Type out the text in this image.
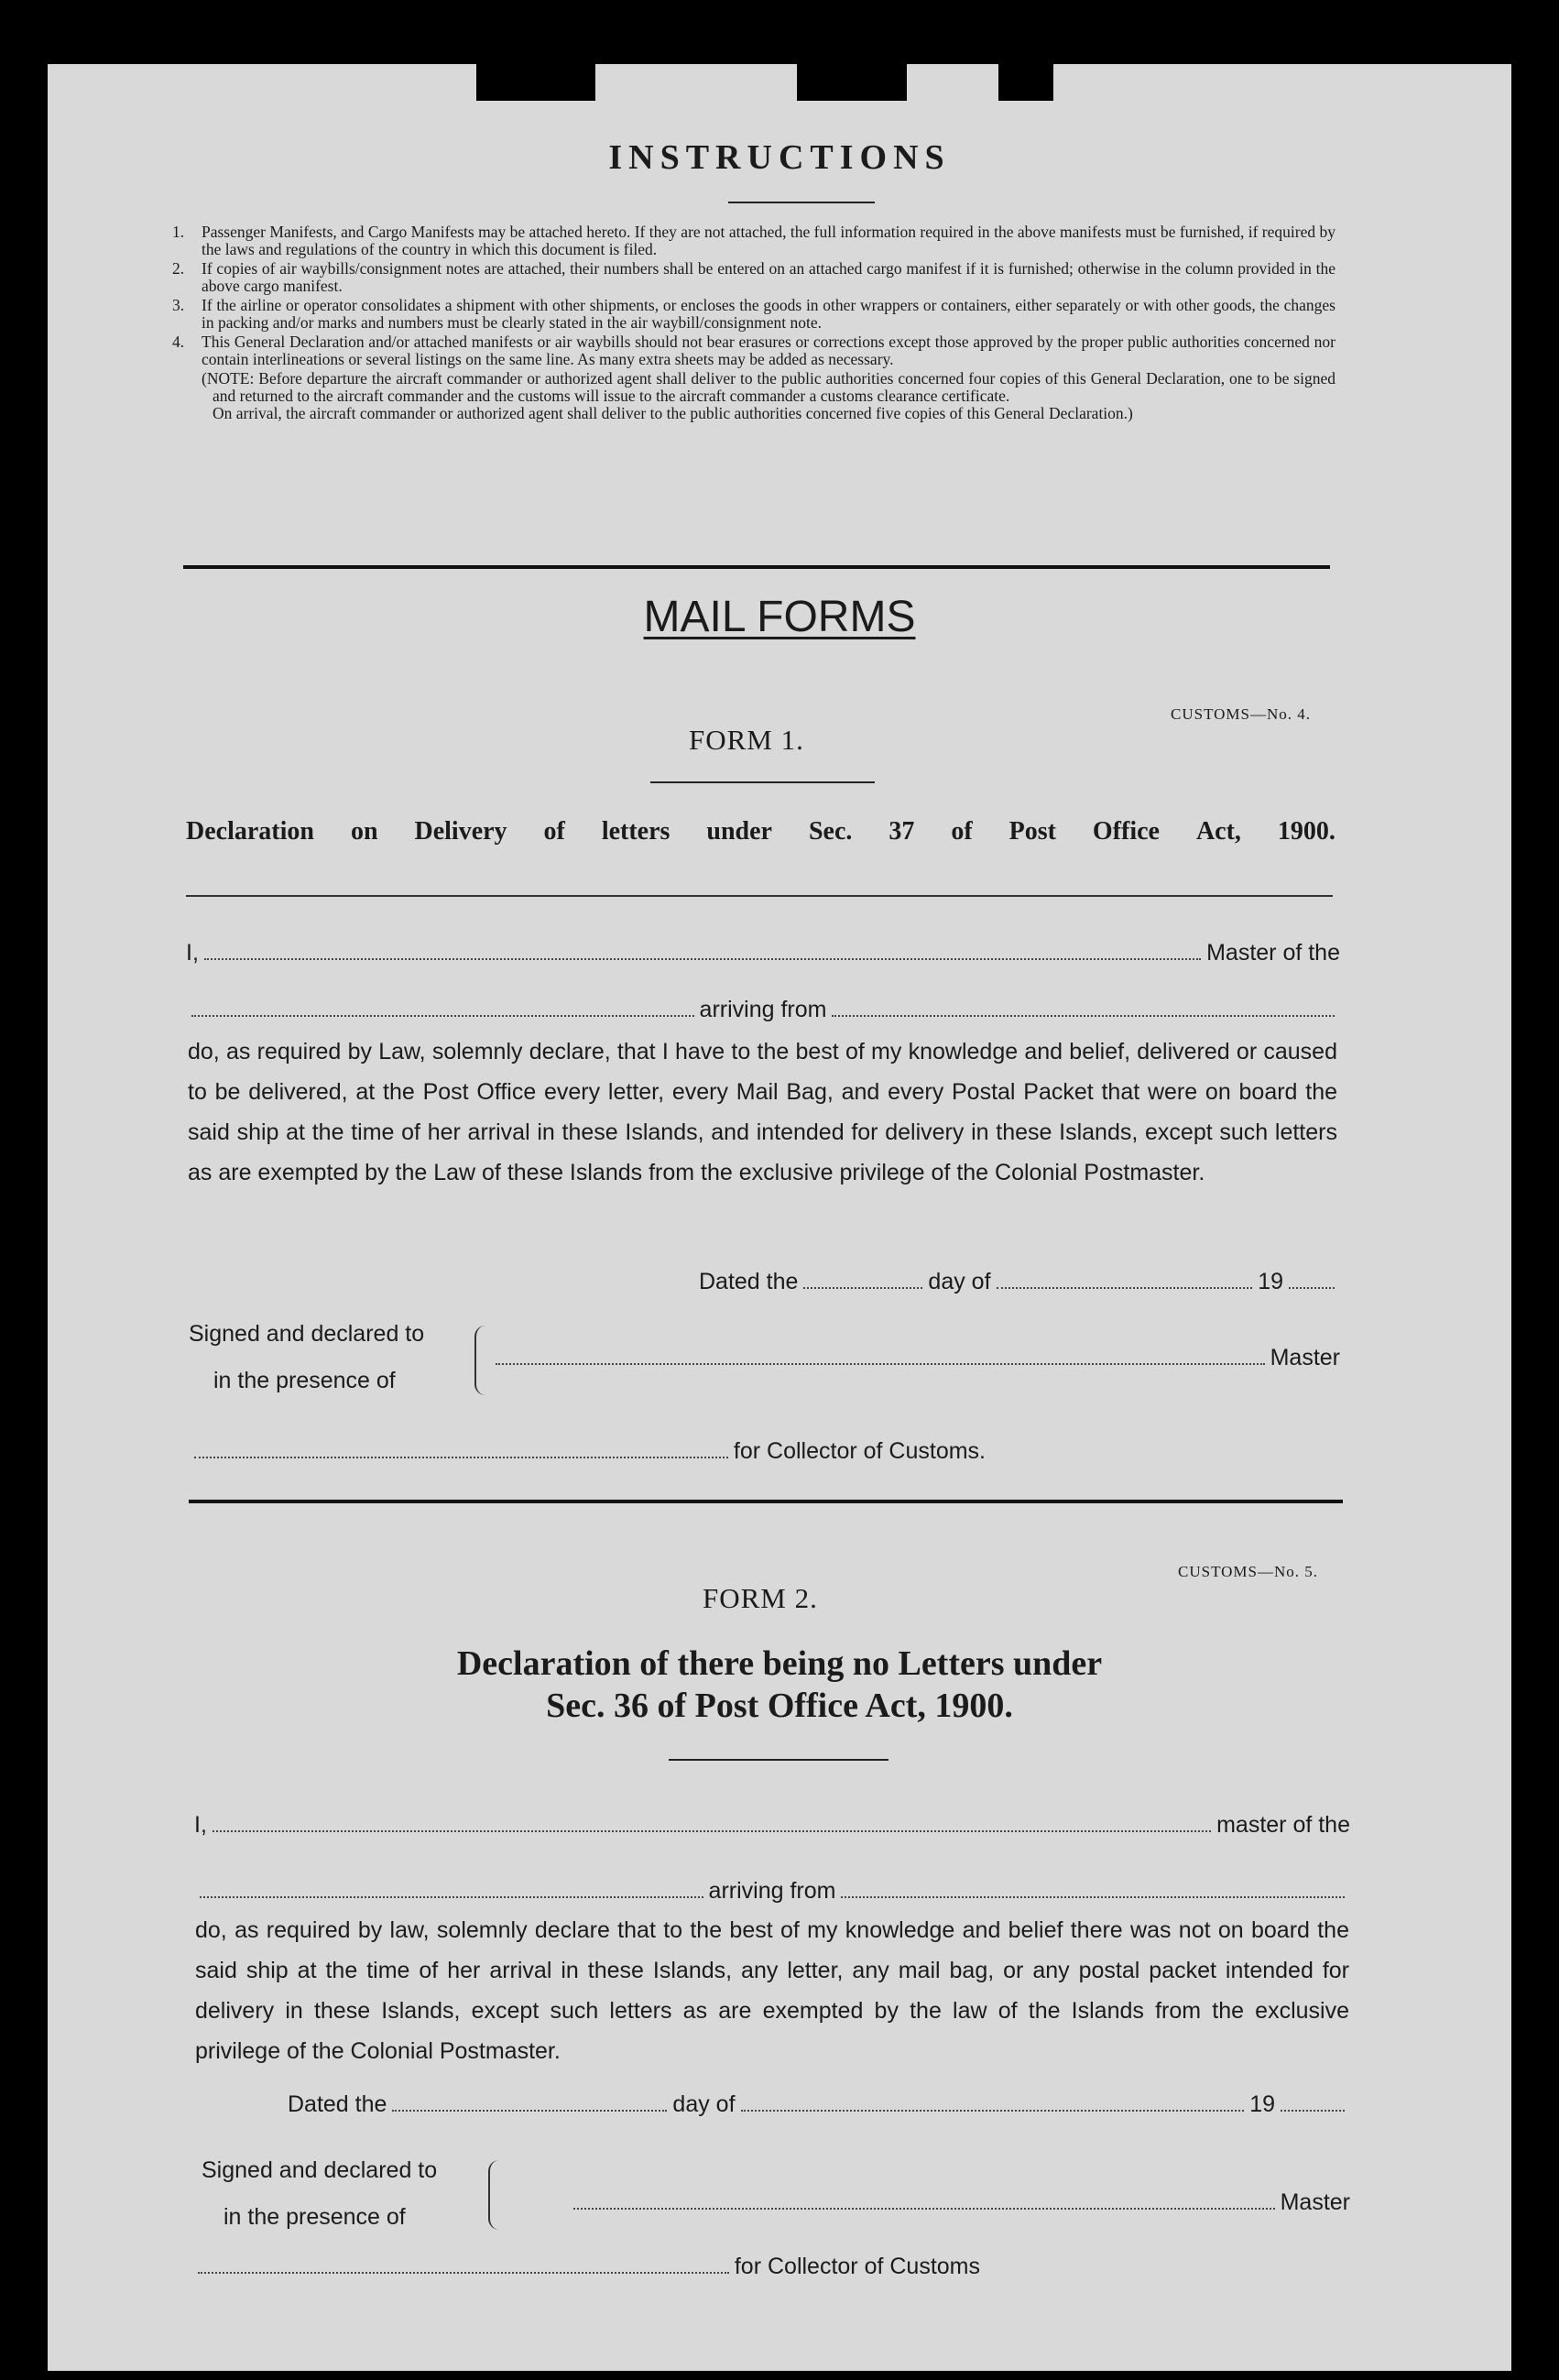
INSTRUCTIONS
1.	Passenger Manifests, and Cargo Manifests may be attached hereto. If they are not attached, the full information required in the above manifests must be furnished, if required by the laws and regulations of the country in which this document is filed.
2.	If copies of air waybills/consignment notes are attached, their numbers shall be entered on an attached cargo manifest if it is furnished; otherwise in the column provided in the above cargo manifest.
3.	If the airline or operator consolidates a shipment with other shipments, or encloses the goods in other wrappers or containers, either separately or with other goods, the changes in packing and/or marks and numbers must be clearly stated in the air waybill/consignment note.
4.	This General Declaration and/or attached manifests or air waybills should not bear erasures or corrections except those approved by the proper public authorities concerned nor contain interlineations or several listings on the same line. As many extra sheets may be added as necessary.
(NOTE: Before departure the aircraft commander or authorized agent shall deliver to the public authorities concerned four copies of this General Declaration, one to be signed and returned to the aircraft commander and the customs will issue to the aircraft commander a customs clearance certificate.
On arrival, the aircraft commander or authorized agent shall deliver to the public authorities concerned five copies of this General Declaration.)
MAIL FORMS
CUSTOMS—No. 4.
FORM 1.
Declaration on Delivery of letters under Sec. 37 of Post Office Act, 1900.
I,	Master of the
arriving from
do, as required by Law, solemnly declare, that I have to the best of my knowledge and belief, delivered or caused to be delivered, at the Post Office every letter, every Mail Bag, and every Postal Packet that were on board the said ship at the time of her arrival in these Islands, and intended for delivery in these Islands, except such letters as are exempted by the Law of these Islands from the exclusive privilege of the Colonial Postmaster.
Dated the	day of	19
Signed and declared to
in the presence of
Master
for Collector of Customs.
CUSTOMS—No. 5.
FORM 2.
Declaration of there being no Letters under
Sec. 36 of Post Office Act, 1900.
I,	master of the
arriving from
do, as required by law, solemnly declare that to the best of my knowledge and belief there was not on board the said ship at the time of her arrival in these Islands, any letter, any mail bag, or any postal packet intended for delivery in these Islands, except such letters as are exempted by the law of the Islands from the exclusive privilege of the Colonial Postmaster.
Dated the	day of	19
Signed and declared to
in the presence of
Master
for Collector of Customs
